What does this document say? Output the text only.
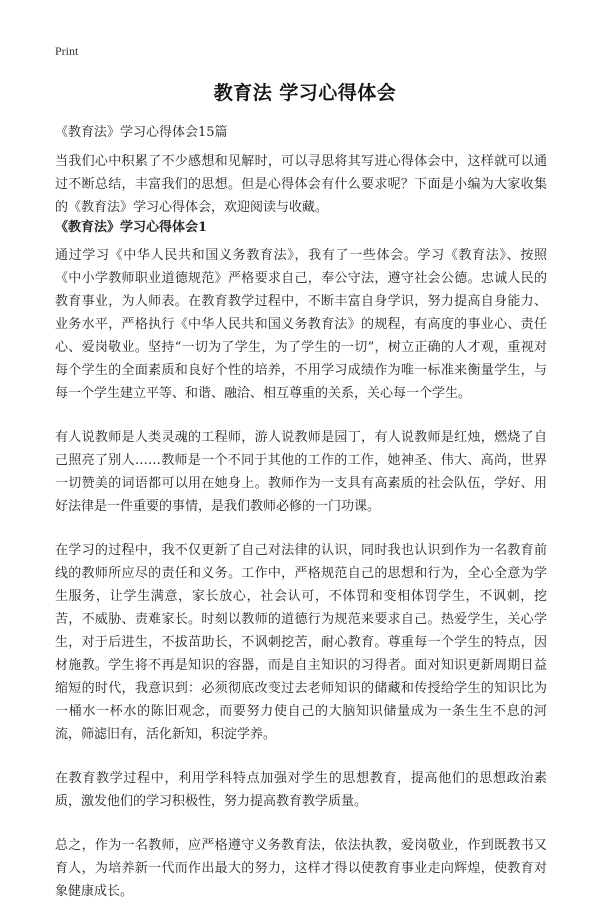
Print
教育法 学习心得体会

《教育法》学习心得体会15篇

当我们心中积累了不少感想和见解时，可以寻思将其写进心得体会中，这样就可以通过不断总结，丰富我们的思想。但是心得体会有什么要求呢？下面是小编为大家收集的《教育法》学习心得体会，欢迎阅读与收藏。

《教育法》学习心得体会1

通过学习《中华人民共和国义务教育法》，我有了一些体会。学习《教育法》、按照《中小学教师职业道德规范》严格要求自己，奉公守法，遵守社会公德。忠诚人民的教育事业，为人师表。在教育教学过程中，不断丰富自身学识，努力提高自身能力、业务水平，严格执行《中华人民共和国义务教育法》的规程，有高度的事业心、责任心、爱岗敬业。坚持“一切为了学生，为了学生的一切”，树立正确的人才观，重视对每个学生的全面素质和良好个性的培养，不用学习成绩作为唯一标准来衡量学生，与每一个学生建立平等、和谐、融洽、相互尊重的关系，关心每一个学生。

有人说教师是人类灵魂的工程师，游人说教师是园丁，有人说教师是红烛，燃烧了自己照亮了别人……教师是一个不同于其他的工作的工作，她神圣、伟大、高尚，世界一切赞美的词语都可以用在她身上。教师作为一支具有高素质的社会队伍，学好、用好法律是一件重要的事情，是我们教师必修的一门功课。

在学习的过程中，我不仅更新了自己对法律的认识，同时我也认识到作为一名教育前线的教师所应尽的责任和义务。工作中，严格规范自己的思想和行为，全心全意为学生服务，让学生满意，家长放心，社会认可，不体罚和变相体罚学生，不讽刺，挖苦，不威胁、责难家长。时刻以教师的道德行为规范来要求自己。热爱学生，关心学生，对于后进生，不拔苗助长，不讽刺挖苦，耐心教育。尊重每一个学生的特点，因材施教。学生将不再是知识的容器，而是自主知识的习得者。面对知识更新周期日益缩短的时代，我意识到：必须彻底改变过去老师知识的储藏和传授给学生的知识比为一桶水一杯水的陈旧观念，而要努力使自己的大脑知识储量成为一条生生不息的河流，筛滤旧有，活化新知，积淀学养。

在教育教学过程中，利用学科特点加强对学生的思想教育，提高他们的思想政治素质，激发他们的学习积极性，努力提高教育教学质量。

总之，作为一名教师，应严格遵守义务教育法，依法执教，爱岗敬业，作到既教书又育人，为培养新一代而作出最大的努力，这样才得以使教育事业走向辉煌，使教育对象健康成长。
